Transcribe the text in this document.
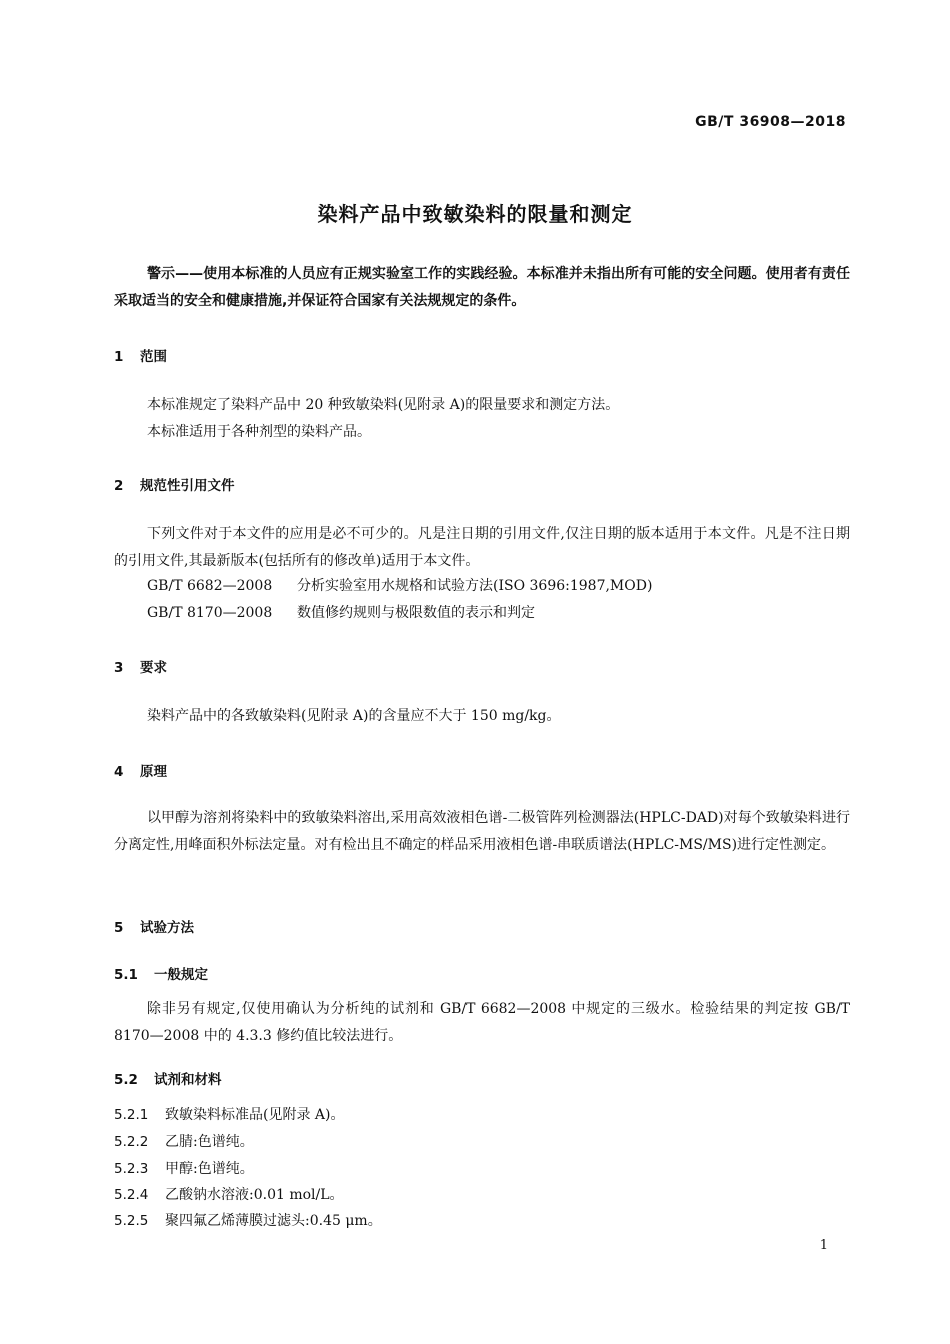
GB/T 36908—2018
染料产品中致敏染料的限量和测定
警示——使用本标准的人员应有正规实验室工作的实践经验。本标准并未指出所有可能的安全问题。使用者有责任采取适当的安全和健康措施,并保证符合国家有关法规规定的条件。
1 范围
本标准规定了染料产品中 20 种致敏染料(见附录 A)的限量要求和测定方法。
本标准适用于各种剂型的染料产品。
2 规范性引用文件
下列文件对于本文件的应用是必不可少的。凡是注日期的引用文件,仅注日期的版本适用于本文件。凡是不注日期的引用文件,其最新版本(包括所有的修改单)适用于本文件。
GB/T 6682—2008 分析实验室用水规格和试验方法(ISO 3696:1987,MOD)
GB/T 8170—2008 数值修约规则与极限数值的表示和判定
3 要求
染料产品中的各致敏染料(见附录 A)的含量应不大于 150 mg/kg。
4 原理
以甲醇为溶剂将染料中的致敏染料溶出,采用高效液相色谱-二极管阵列检测器法(HPLC-DAD)对每个致敏染料进行分离定性,用峰面积外标法定量。对有检出且不确定的样品采用液相色谱-串联质谱法(HPLC-MS/MS)进行定性测定。
5 试验方法
5.1 一般规定
除非另有规定,仅使用确认为分析纯的试剂和 GB/T 6682—2008 中规定的三级水。检验结果的判定按 GB/T 8170—2008 中的 4.3.3 修约值比较法进行。
5.2 试剂和材料
5.2.1 致敏染料标准品(见附录 A)。
5.2.2 乙腈:色谱纯。
5.2.3 甲醇:色谱纯。
5.2.4 乙酸钠水溶液:0.01 mol/L。
5.2.5 聚四氟乙烯薄膜过滤头:0.45 μm。
1
